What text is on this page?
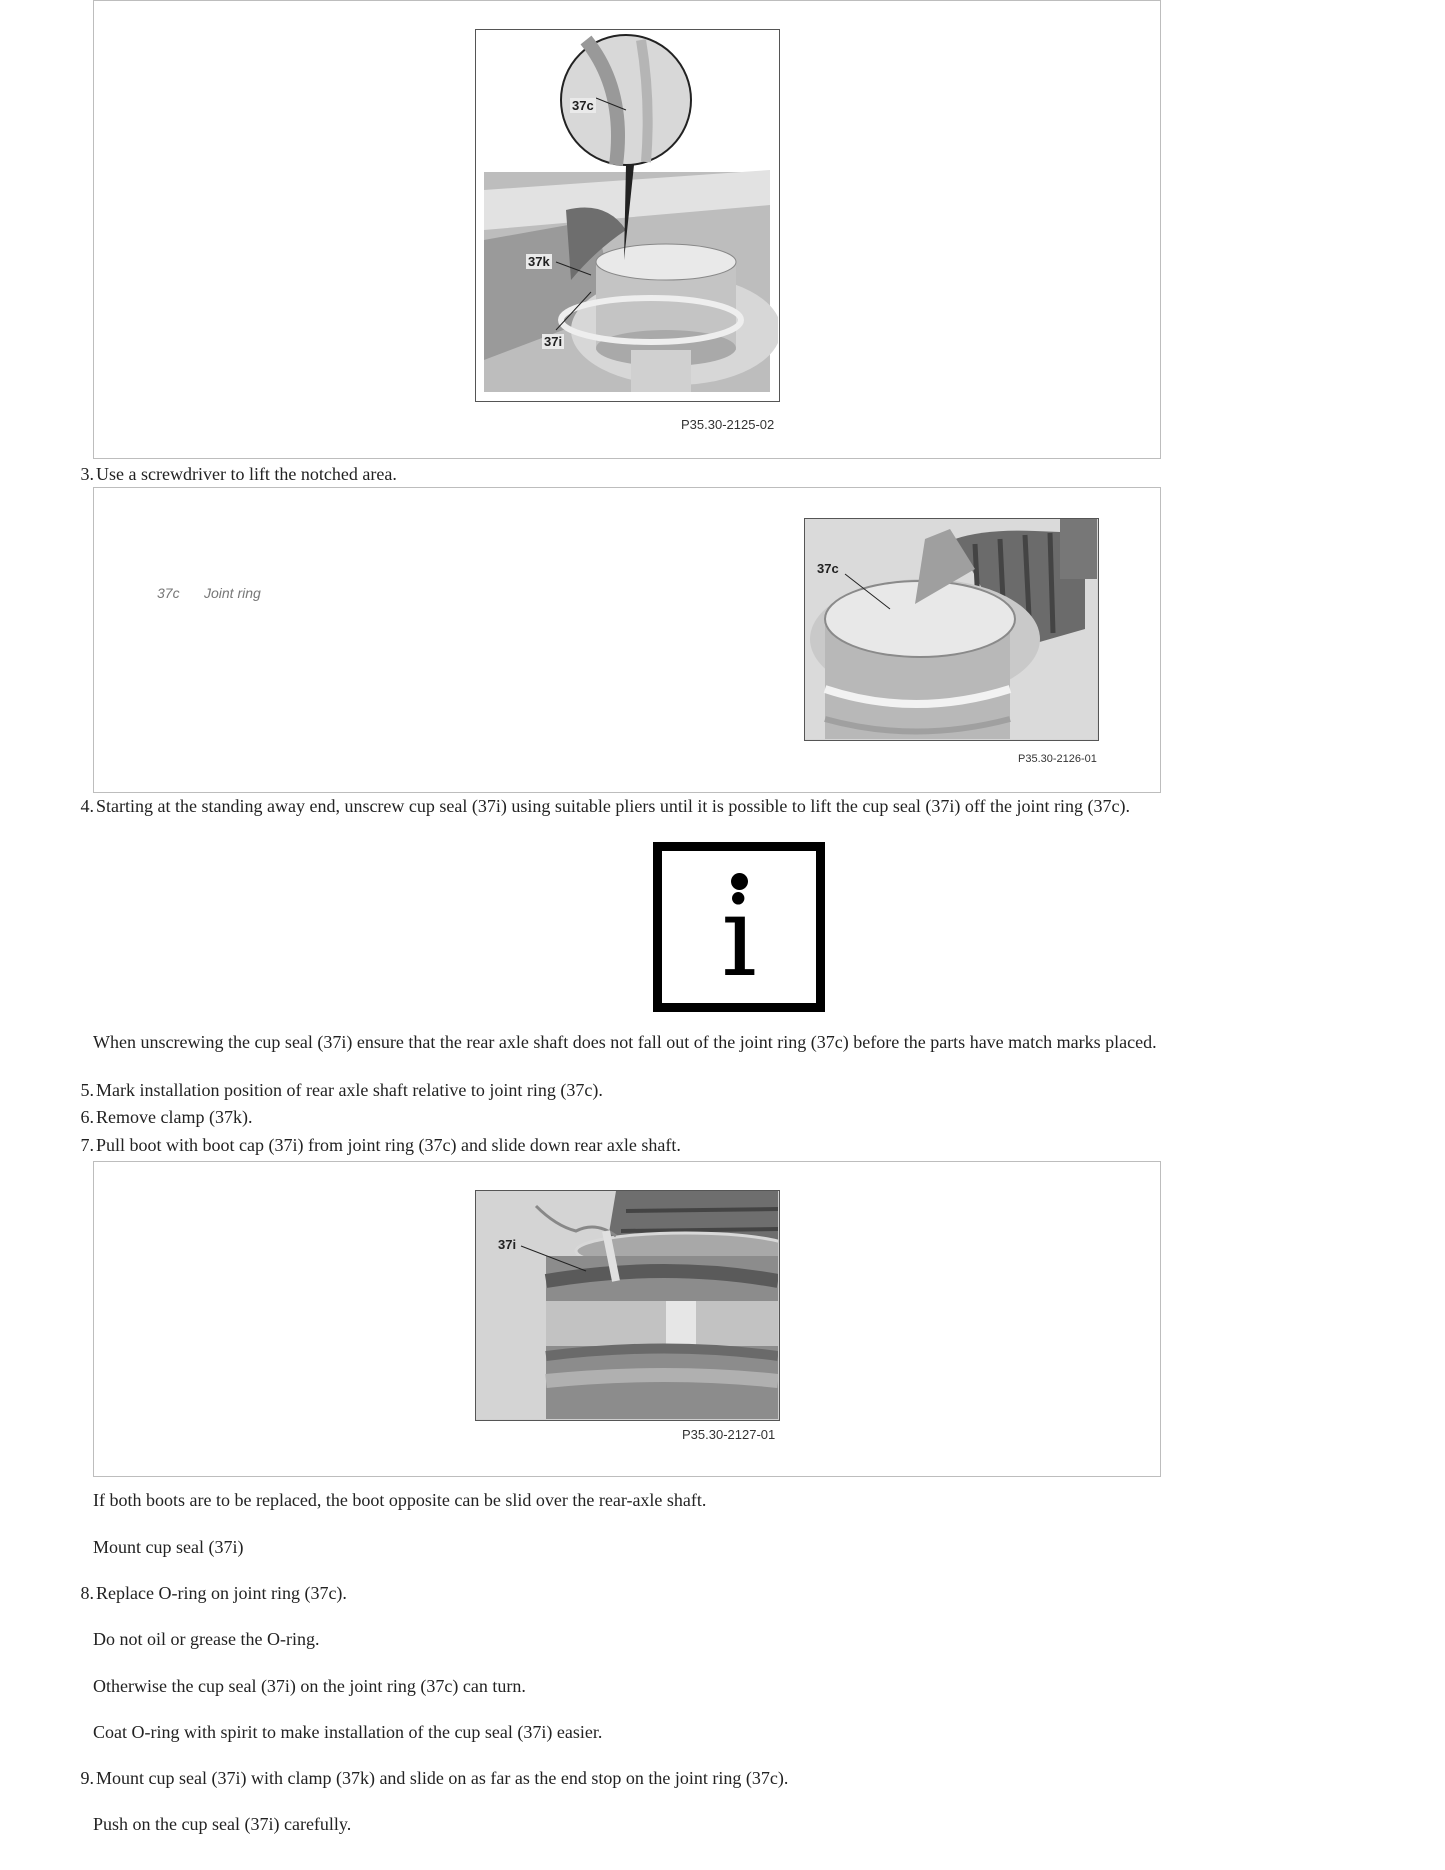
37c
37k
37i
P35.30-2125-02
3. Use a screwdriver to lift the notched area.
37c Joint ring
37c
P35.30-2126-01
4. Starting at the standing away end, unscrew cup seal (37i) using suitable pliers until it is possible to lift the cup seal (37i) off the joint ring (37c).
i
When unscrewing the cup seal (37i) ensure that the rear axle shaft does not fall out of the joint ring (37c) before the parts have match marks placed.
5. Mark installation position of rear axle shaft relative to joint ring (37c).
6. Remove clamp (37k).
7. Pull boot with boot cap (37i) from joint ring (37c) and slide down rear axle shaft.
37i
P35.30-2127-01
If both boots are to be replaced, the boot opposite can be slid over the rear-axle shaft.
Mount cup seal (37i)
8. Replace O-ring on joint ring (37c).
Do not oil or grease the O-ring.
Otherwise the cup seal (37i) on the joint ring (37c) can turn.
Coat O-ring with spirit to make installation of the cup seal (37i) easier.
9. Mount cup seal (37i) with clamp (37k) and slide on as far as the end stop on the joint ring (37c).
Push on the cup seal (37i) carefully.
